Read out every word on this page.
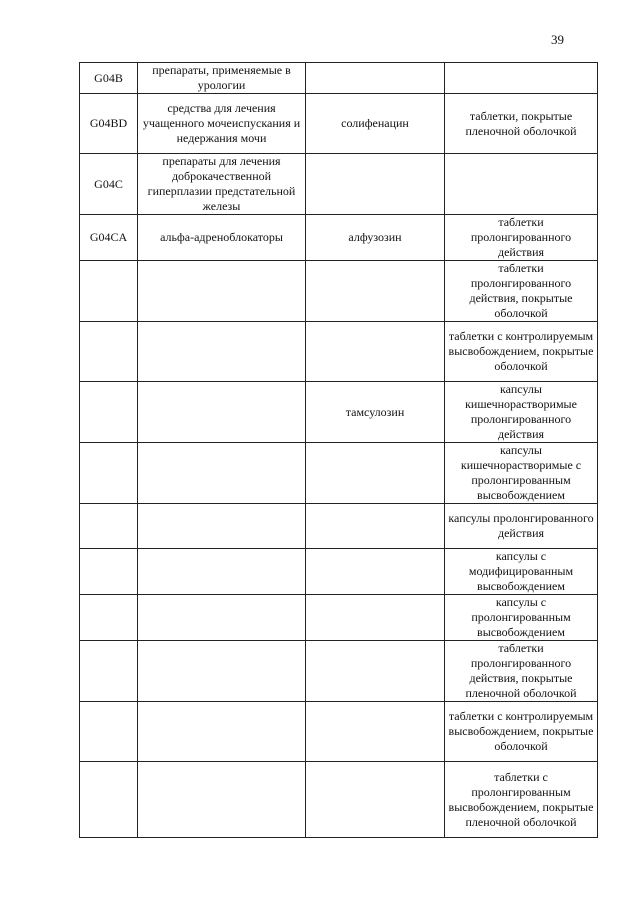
39
G04B	препараты, применяемые в урологии		
G04BD	средства для лечения учащенного мочеиспускания и недержания мочи	солифенацин	таблетки, покрытые пленочной оболочкой
G04C	препараты для лечения доброкачественной гиперплазии предстательной железы		
G04CA	альфа-адреноблокаторы	алфузозин	таблетки пролонгированного действия
			таблетки пролонгированного действия, покрытые оболочкой
			таблетки с контролируемым высвобождением, покрытые оболочкой
		тамсулозин	капсулы кишечнорастворимые пролонгированного действия
			капсулы кишечнорастворимые с пролонгированным высвобождением
			капсулы пролонгированного действия
			капсулы с модифицированным высвобождением
			капсулы с пролонгированным высвобождением
			таблетки пролонгированного действия, покрытые пленочной оболочкой
			таблетки с контролируемым высвобождением, покрытые оболочкой
			таблетки с пролонгированным высвобождением, покрытые пленочной оболочкой
